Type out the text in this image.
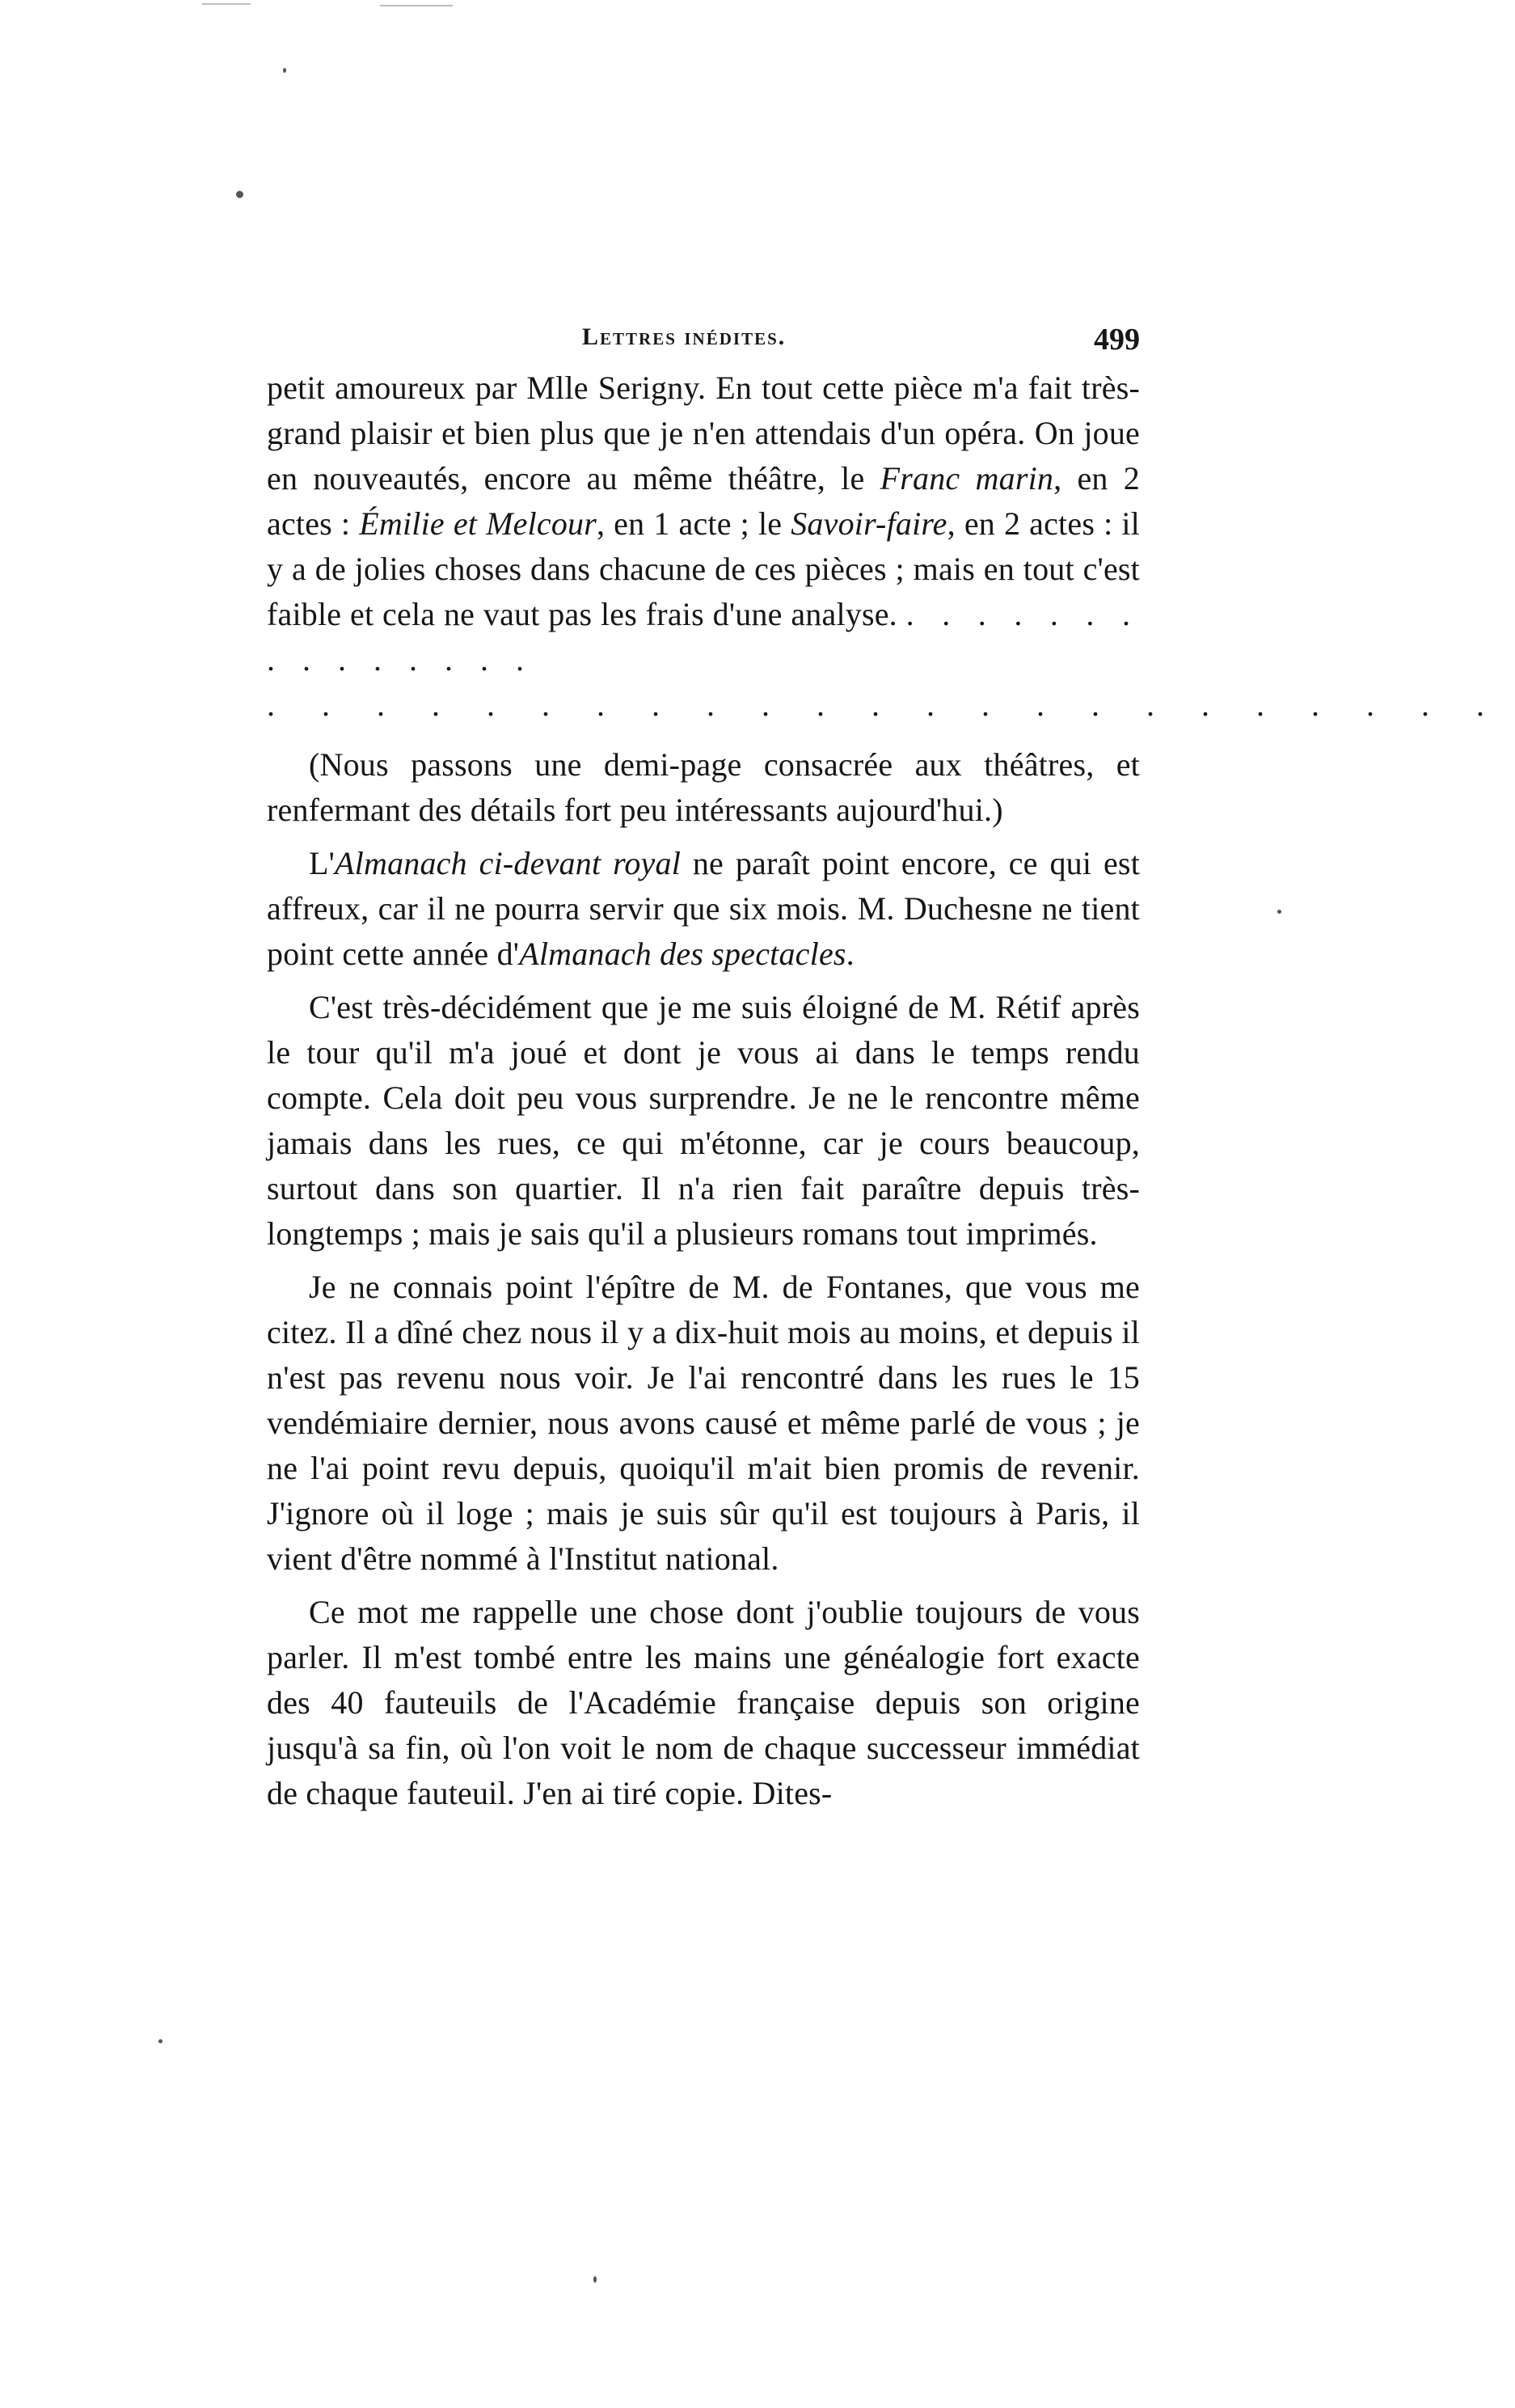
Lettres inédites.	499

petit amoureux par Mlle Serigny. En tout cette pièce m'a fait très-grand plaisir et bien plus que je n'en attendais d'un opéra. On joue en nouveautés, encore au même théâtre, le Franc marin, en 2 actes : Émilie et Melcour, en 1 acte ; le Savoir-faire, en 2 actes : il y a de jolies choses dans chacune de ces pièces ; mais en tout c'est faible et cela ne vaut pas les frais d'une analyse. . . . . . . . . . . . . . . .

. . . . . . . . . . . . . . . . . . . . . . .

(Nous passons une demi-page consacrée aux théâtres, et renfermant des détails fort peu intéressants aujourd'hui.)

L'Almanach ci-devant royal ne paraît point encore, ce qui est affreux, car il ne pourra servir que six mois. M. Duchesne ne tient point cette année d'Almanach des spectacles.

C'est très-décidément que je me suis éloigné de M. Rétif après le tour qu'il m'a joué et dont je vous ai dans le temps rendu compte. Cela doit peu vous surprendre. Je ne le rencontre même jamais dans les rues, ce qui m'étonne, car je cours beaucoup, surtout dans son quartier. Il n'a rien fait paraître depuis très-longtemps ; mais je sais qu'il a plusieurs romans tout imprimés.

Je ne connais point l'épître de M. de Fontanes, que vous me citez. Il a dîné chez nous il y a dix-huit mois au moins, et depuis il n'est pas revenu nous voir. Je l'ai rencontré dans les rues le 15 vendémiaire dernier, nous avons causé et même parlé de vous ; je ne l'ai point revu depuis, quoiqu'il m'ait bien promis de revenir. J'ignore où il loge ; mais je suis sûr qu'il est toujours à Paris, il vient d'être nommé à l'Institut national.

Ce mot me rappelle une chose dont j'oublie toujours de vous parler. Il m'est tombé entre les mains une généalogie fort exacte des 40 fauteuils de l'Académie française depuis son origine jusqu'à sa fin, où l'on voit le nom de chaque successeur immédiat de chaque fauteuil. J'en ai tiré copie. Dites-
